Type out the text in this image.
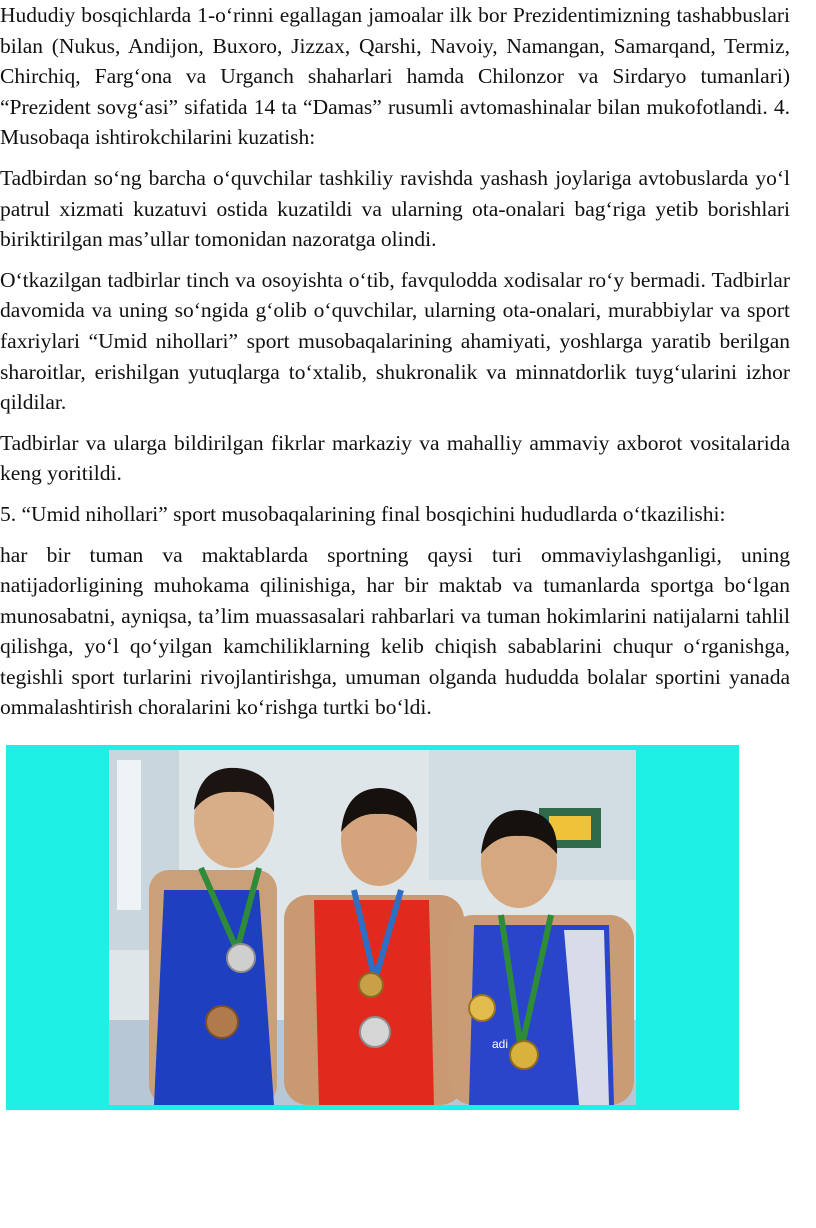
Hududiy bosqichlarda 1-o‘rinni egallagan jamoalar ilk bor Prezidentimizning tashabbuslari bilan (Nukus, Andijon, Buxoro, Jizzax, Qarshi, Navoiy, Namangan, Samarqand, Termiz, Chirchiq, Farg‘ona va Urganch shaharlari hamda Chilonzor va Sirdaryo tumanlari) “Prezident sovg‘asi” sifatida 14 ta “Damas” rusumli avtomashinalar bilan mukofotlandi. 4. Musobaqa ishtirokchilarini kuzatish:

Tadbirdan so‘ng barcha o‘quvchilar tashkiliy ravishda yashash joylariga avtobuslarda yo‘l patrul xizmati kuzatuvi ostida kuzatildi va ularning ota-onalari bag‘riga yetib borishlari biriktirilgan mas’ullar tomonidan nazoratga olindi.

O‘tkazilgan tadbirlar tinch va osoyishta o‘tib, favqulodda xodisalar ro‘y bermadi. Tadbirlar davomida va uning so‘ngida g‘olib o‘quvchilar, ularning ota-onalari, murabbiylar va sport faxriylari “Umid nihollari” sport musobaqalarining ahamiyati, yoshlarga yaratib berilgan sharoitlar, erishilgan yutuqlarga to‘xtalib, shukronalik va minnatdorlik tuyg‘ularini izhor qildilar.

Tadbirlar va ularga bildirilgan fikrlar markaziy va mahalliy ammaviy axborot vositalarida keng yoritildi.

5. “Umid nihollari” sport musobaqalarining final bosqichini hududlarda o‘tkazilishi:

har bir tuman va maktablarda sportning qaysi turi ommaviylashganligi, uning natijadorligining muhokama qilinishiga, har bir maktab va tumanlarda sportga bo‘lgan munosabatni, ayniqsa, ta’lim muassasalari rahbarlari va tuman hokimlarini natijalarni tahlil qilishga, yo‘l qo‘yilgan kamchiliklarning kelib chiqish sabablarini chuqur o‘rganishga, tegishli sport turlarini rivojlantirishga, umuman olganda hududda bolalar sportini yanada ommalashtirish choralarini ko‘rishga turtki bo‘ldi.

adi
